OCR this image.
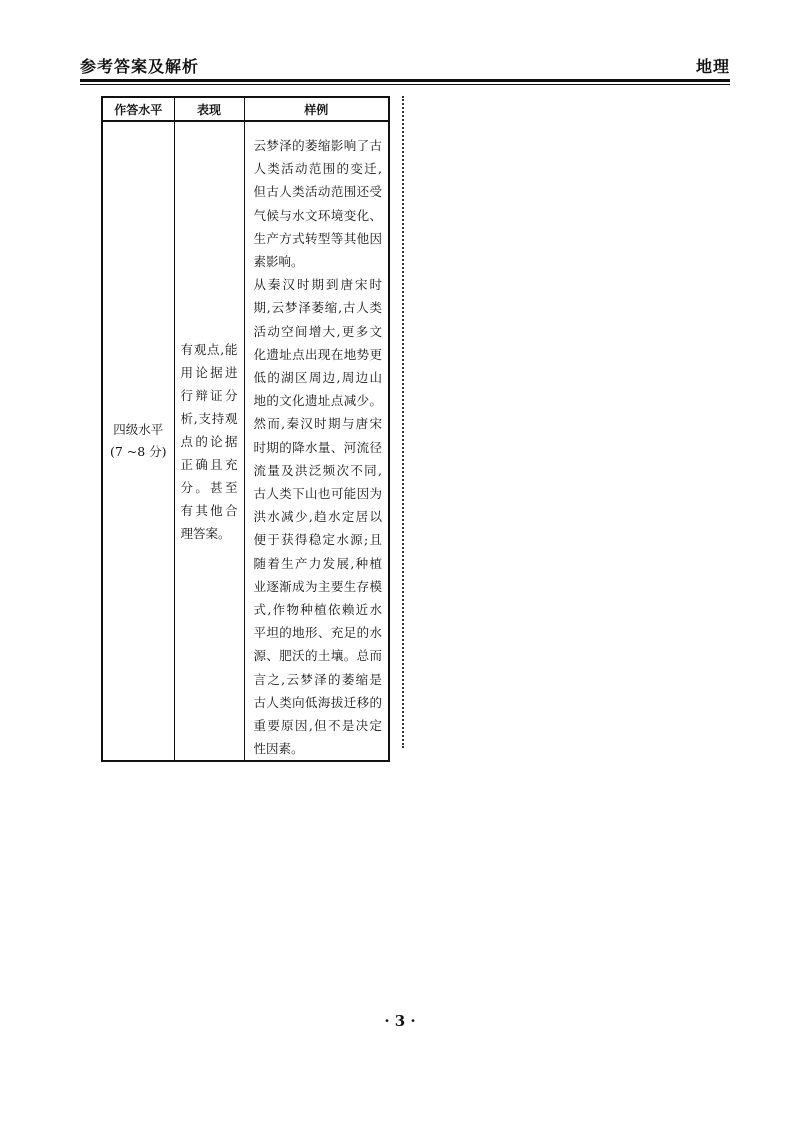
参考答案及解析	地理
作答水平	表现	样例

四级水平
(7 ~8 分)	有观点,能用论据进行辩证分析,支持观点的论据正确且充分。甚至有其他合理答案。	云梦泽的萎缩影响了古人类活动范围的变迁,但古人类活动范围还受气候与水文环境变化、生产方式转型等其他因素影响。
从秦汉时期到唐宋时期,云梦泽萎缩,古人类活动空间增大,更多文化遗址点出现在地势更低的湖区周边,周边山地的文化遗址点减少。然而,秦汉时期与唐宋时期的降水量、河流径流量及洪泛频次不同,古人类下山也可能因为洪水减少,趋水定居以便于获得稳定水源;且随着生产力发展,种植业逐渐成为主要生存模式,作物种植依赖近水平坦的地形、充足的水源、肥沃的土壤。总而言之,云梦泽的萎缩是古人类向低海拔迁移的重要原因,但不是决定性因素。
· 3 ·
